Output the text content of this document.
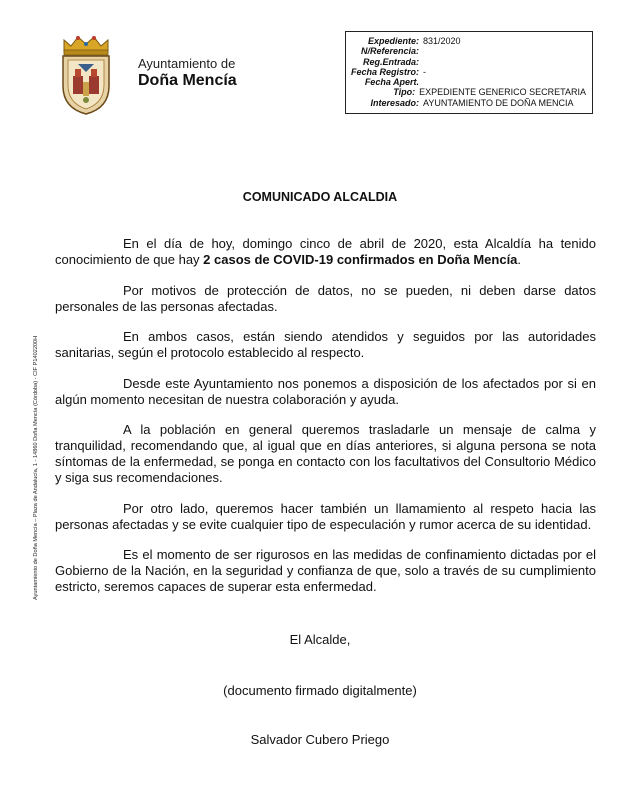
Ayuntamiento de
Doña Mencía
Expediente: 831/2020
N/Referencia:
Reg.Entrada:
Fecha Registro: -
Fecha Apert.
Tipo: EXPEDIENTE GENERICO SECRETARIA
Interesado: AYUNTAMIENTO DE DOÑA MENCIA
Ayuntamiento de Doña Mencía – Plaza de Andalucía, 1 - 14860 Doña Mencía (Córdoba) - CIF P1402200H
COMUNICADO ALCALDIA

En el día de hoy, domingo cinco de abril de 2020, esta Alcaldía ha tenido conocimiento de que hay 2 casos de COVID-19 confirmados en Doña Mencía.

Por motivos de protección de datos, no se pueden, ni deben darse datos personales de las personas afectadas.

En ambos casos, están siendo atendidos y seguidos por las autoridades sanitarias, según el protocolo establecido al respecto.

Desde este Ayuntamiento nos ponemos a disposición de los afectados por si en algún momento necesitan de nuestra colaboración y ayuda.

A la población en general queremos trasladarle un mensaje de calma y tranquilidad, recomendando que, al igual que en días anteriores, si alguna persona se nota síntomas de la enfermedad, se ponga en contacto con los facultativos del Consultorio Médico y siga sus recomendaciones.

Por otro lado, queremos hacer también un llamamiento al respeto hacia las personas afectadas y se evite cualquier tipo de especulación y rumor acerca de su identidad.

Es el momento de ser rigurosos en las medidas de confinamiento dictadas por el Gobierno de la Nación, en la seguridad y confianza de que, solo a través de su cumplimiento estricto, seremos capaces de superar esta enfermedad.

El Alcalde,
(documento firmado digitalmente)
Salvador Cubero Priego
